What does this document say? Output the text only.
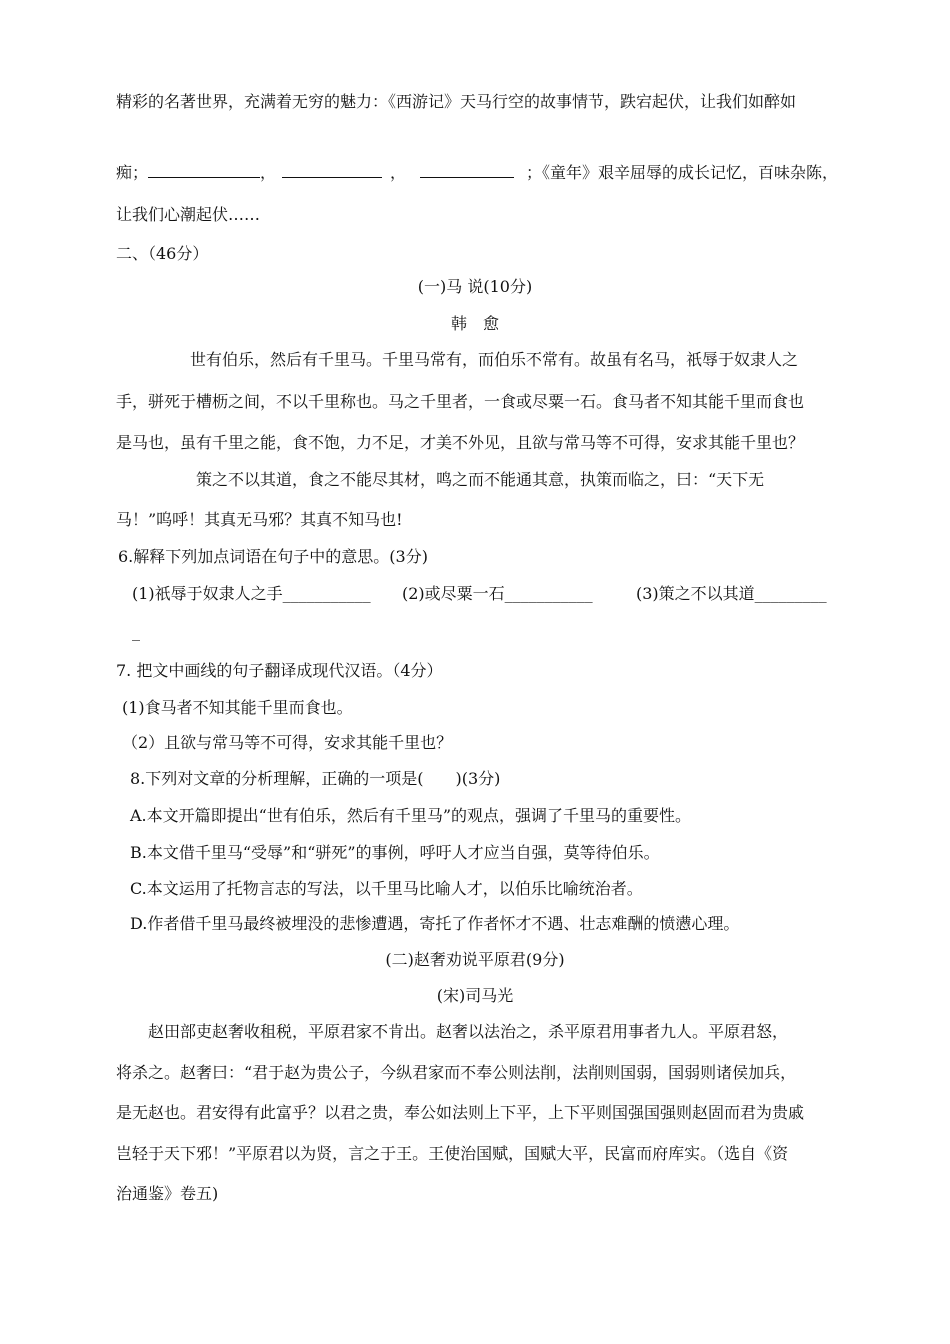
精彩的名著世界，充满着无穷的魅力：《西游记》天马行空的故事情节，跌宕起伏，让我们如醉如
痴；	，	，	；《童年》艰辛屈辱的成长记忆，百味杂陈，
让我们心潮起伏……
二、（46分）
(一)马 说(10分)
韩　愈
世有伯乐，然后有千里马。千里马常有，而伯乐不常有。故虽有名马，祇辱于奴隶人之
手，骈死于槽枥之间，不以千里称也。马之千里者，一食或尽粟一石。食马者不知其能千里而食也
是马也，虽有千里之能，食不饱，力不足，才美不外见，且欲与常马等不可得，安求其能千里也？
策之不以其道，食之不能尽其材，鸣之而不能通其意，执策而临之，曰：“天下无
马！”呜呼！其真无马邪？其真不知马也!
6.解释下列加点词语在句子中的意思。(3分)
(1)祇辱于奴隶人之手___________ (2)或尽粟一石___________	(3)策之不以其道_________
_
7. 把文中画线的句子翻译成现代汉语。（4分）
(1)食马者不知其能千里而食也。
（2）且欲与常马等不可得，安求其能千里也？
8.下列对文章的分析理解，正确的一项是(　　)(3分)
A.本文开篇即提出“世有伯乐，然后有千里马”的观点，强调了千里马的重要性。
B.本文借千里马“受辱”和“骈死”的事例，呼吁人才应当自强，莫等待伯乐。
C.本文运用了托物言志的写法，以千里马比喻人才，以伯乐比喻统治者。
D.作者借千里马最终被埋没的悲惨遭遇，寄托了作者怀才不遇、壮志难酬的愤懑心理。
(二)赵奢劝说平原君(9分)
(宋)司马光
赵田部吏赵奢收租税，平原君家不肯出。赵奢以法治之，杀平原君用事者九人。平原君怒，
将杀之。赵奢曰：“君于赵为贵公子，今纵君家而不奉公则法削，法削则国弱，国弱则诸侯加兵，
是无赵也。君安得有此富乎？以君之贵，奉公如法则上下平，上下平则国强国强则赵固而君为贵戚
岂轻于天下邪！”平原君以为贤，言之于王。王使治国赋，国赋大平，民富而府库实。（选自《资
治通鉴》卷五)
